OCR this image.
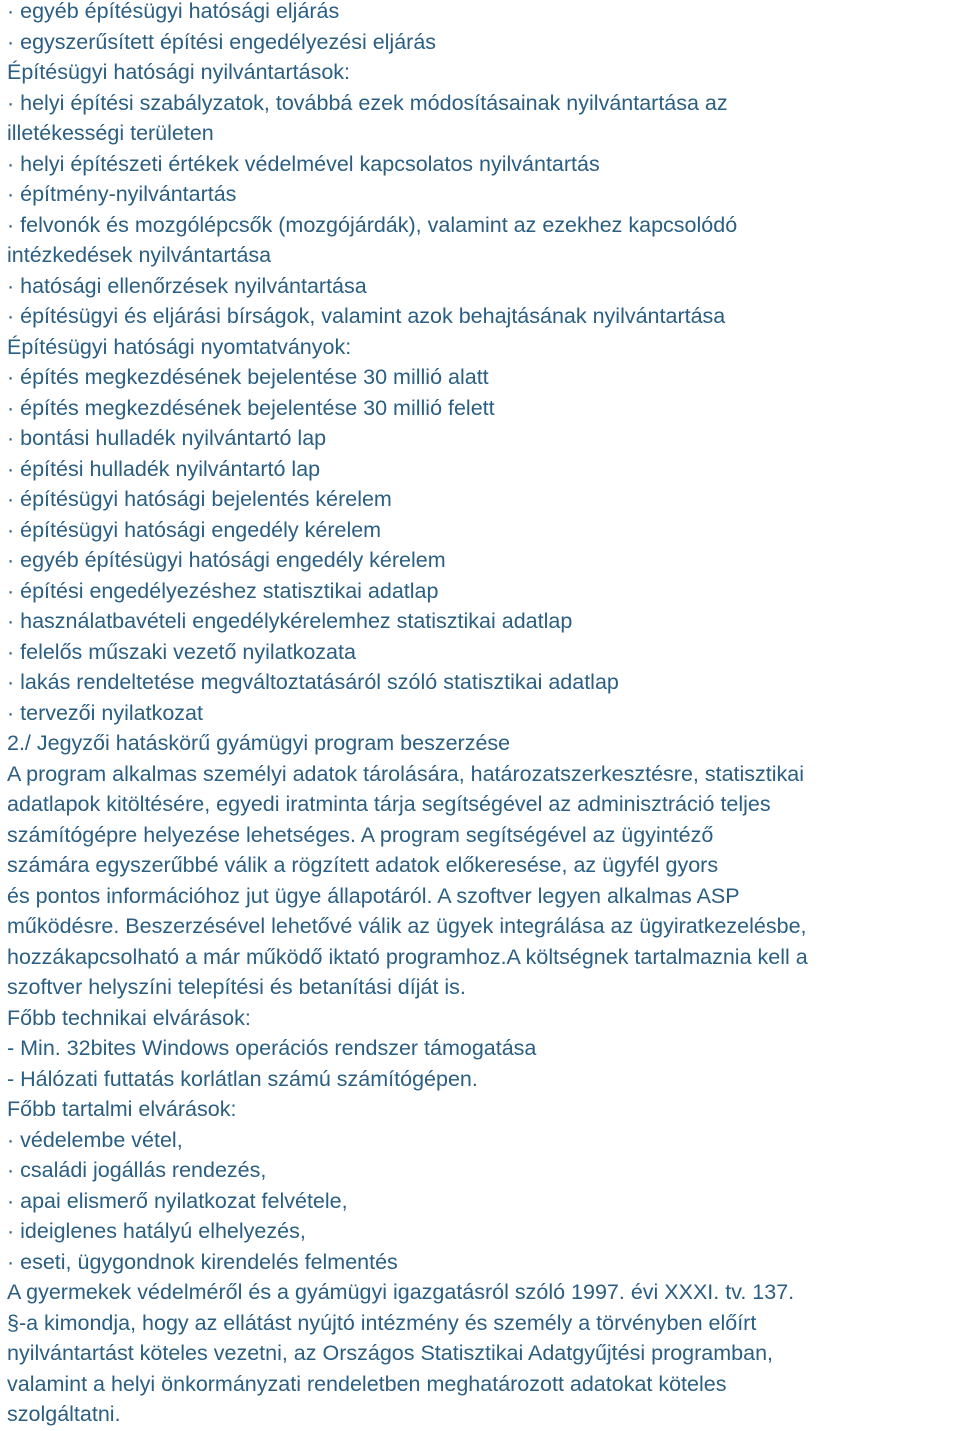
· egyéb építésügyi hatósági eljárás
· egyszerűsített építési engedélyezési eljárás
Építésügyi hatósági nyilvántartások:
· helyi építési szabályzatok, továbbá ezek módosításainak nyilvántartása az
illetékességi területen
· helyi építészeti értékek védelmével kapcsolatos nyilvántartás
· építmény-nyilvántartás
· felvonók és mozgólépcsők (mozgójárdák), valamint az ezekhez kapcsolódó
intézkedések nyilvántartása
· hatósági ellenőrzések nyilvántartása
· építésügyi és eljárási bírságok, valamint azok behajtásának nyilvántartása
Építésügyi hatósági nyomtatványok:
· építés megkezdésének bejelentése 30 millió alatt
· építés megkezdésének bejelentése 30 millió felett
· bontási hulladék nyilvántartó lap
· építési hulladék nyilvántartó lap
· építésügyi hatósági bejelentés kérelem
· építésügyi hatósági engedély kérelem
· egyéb építésügyi hatósági engedély kérelem
· építési engedélyezéshez statisztikai adatlap
· használatbavételi engedélykérelemhez statisztikai adatlap
· felelős műszaki vezető nyilatkozata
· lakás rendeltetése megváltoztatásáról szóló statisztikai adatlap
· tervezői nyilatkozat
2./ Jegyzői hatáskörű gyámügyi program beszerzése
A program alkalmas személyi adatok tárolására, határozatszerkesztésre, statisztikai
adatlapok kitöltésére, egyedi iratminta tárja segítségével az adminisztráció teljes
számítógépre helyezése lehetséges. A program segítségével az ügyintéző
számára egyszerűbbé válik a rögzített adatok előkeresése, az ügyfél gyors
és pontos információhoz jut ügye állapotáról. A szoftver legyen alkalmas ASP
működésre. Beszerzésével lehetővé válik az ügyek integrálása az ügyiratkezelésbe,
hozzákapcsolható a már működő iktató programhoz.A költségnek tartalmaznia kell a
szoftver helyszíni telepítési és betanítási díját is.
Főbb technikai elvárások:
- Min. 32bites Windows operációs rendszer támogatása
- Hálózati futtatás korlátlan számú számítógépen.
Főbb tartalmi elvárások:
· védelembe vétel,
· családi jogállás rendezés,
· apai elismerő nyilatkozat felvétele,
· ideiglenes hatályú elhelyezés,
· eseti, ügygondnok kirendelés felmentés
A gyermekek védelméről és a gyámügyi igazgatásról szóló 1997. évi XXXI. tv. 137.
§-a kimondja, hogy az ellátást nyújtó intézmény és személy a törvényben előírt
nyilvántartást köteles vezetni, az Országos Statisztikai Adatgyűjtési programban,
valamint a helyi önkormányzati rendeletben meghatározott adatokat köteles
szolgáltatni.
